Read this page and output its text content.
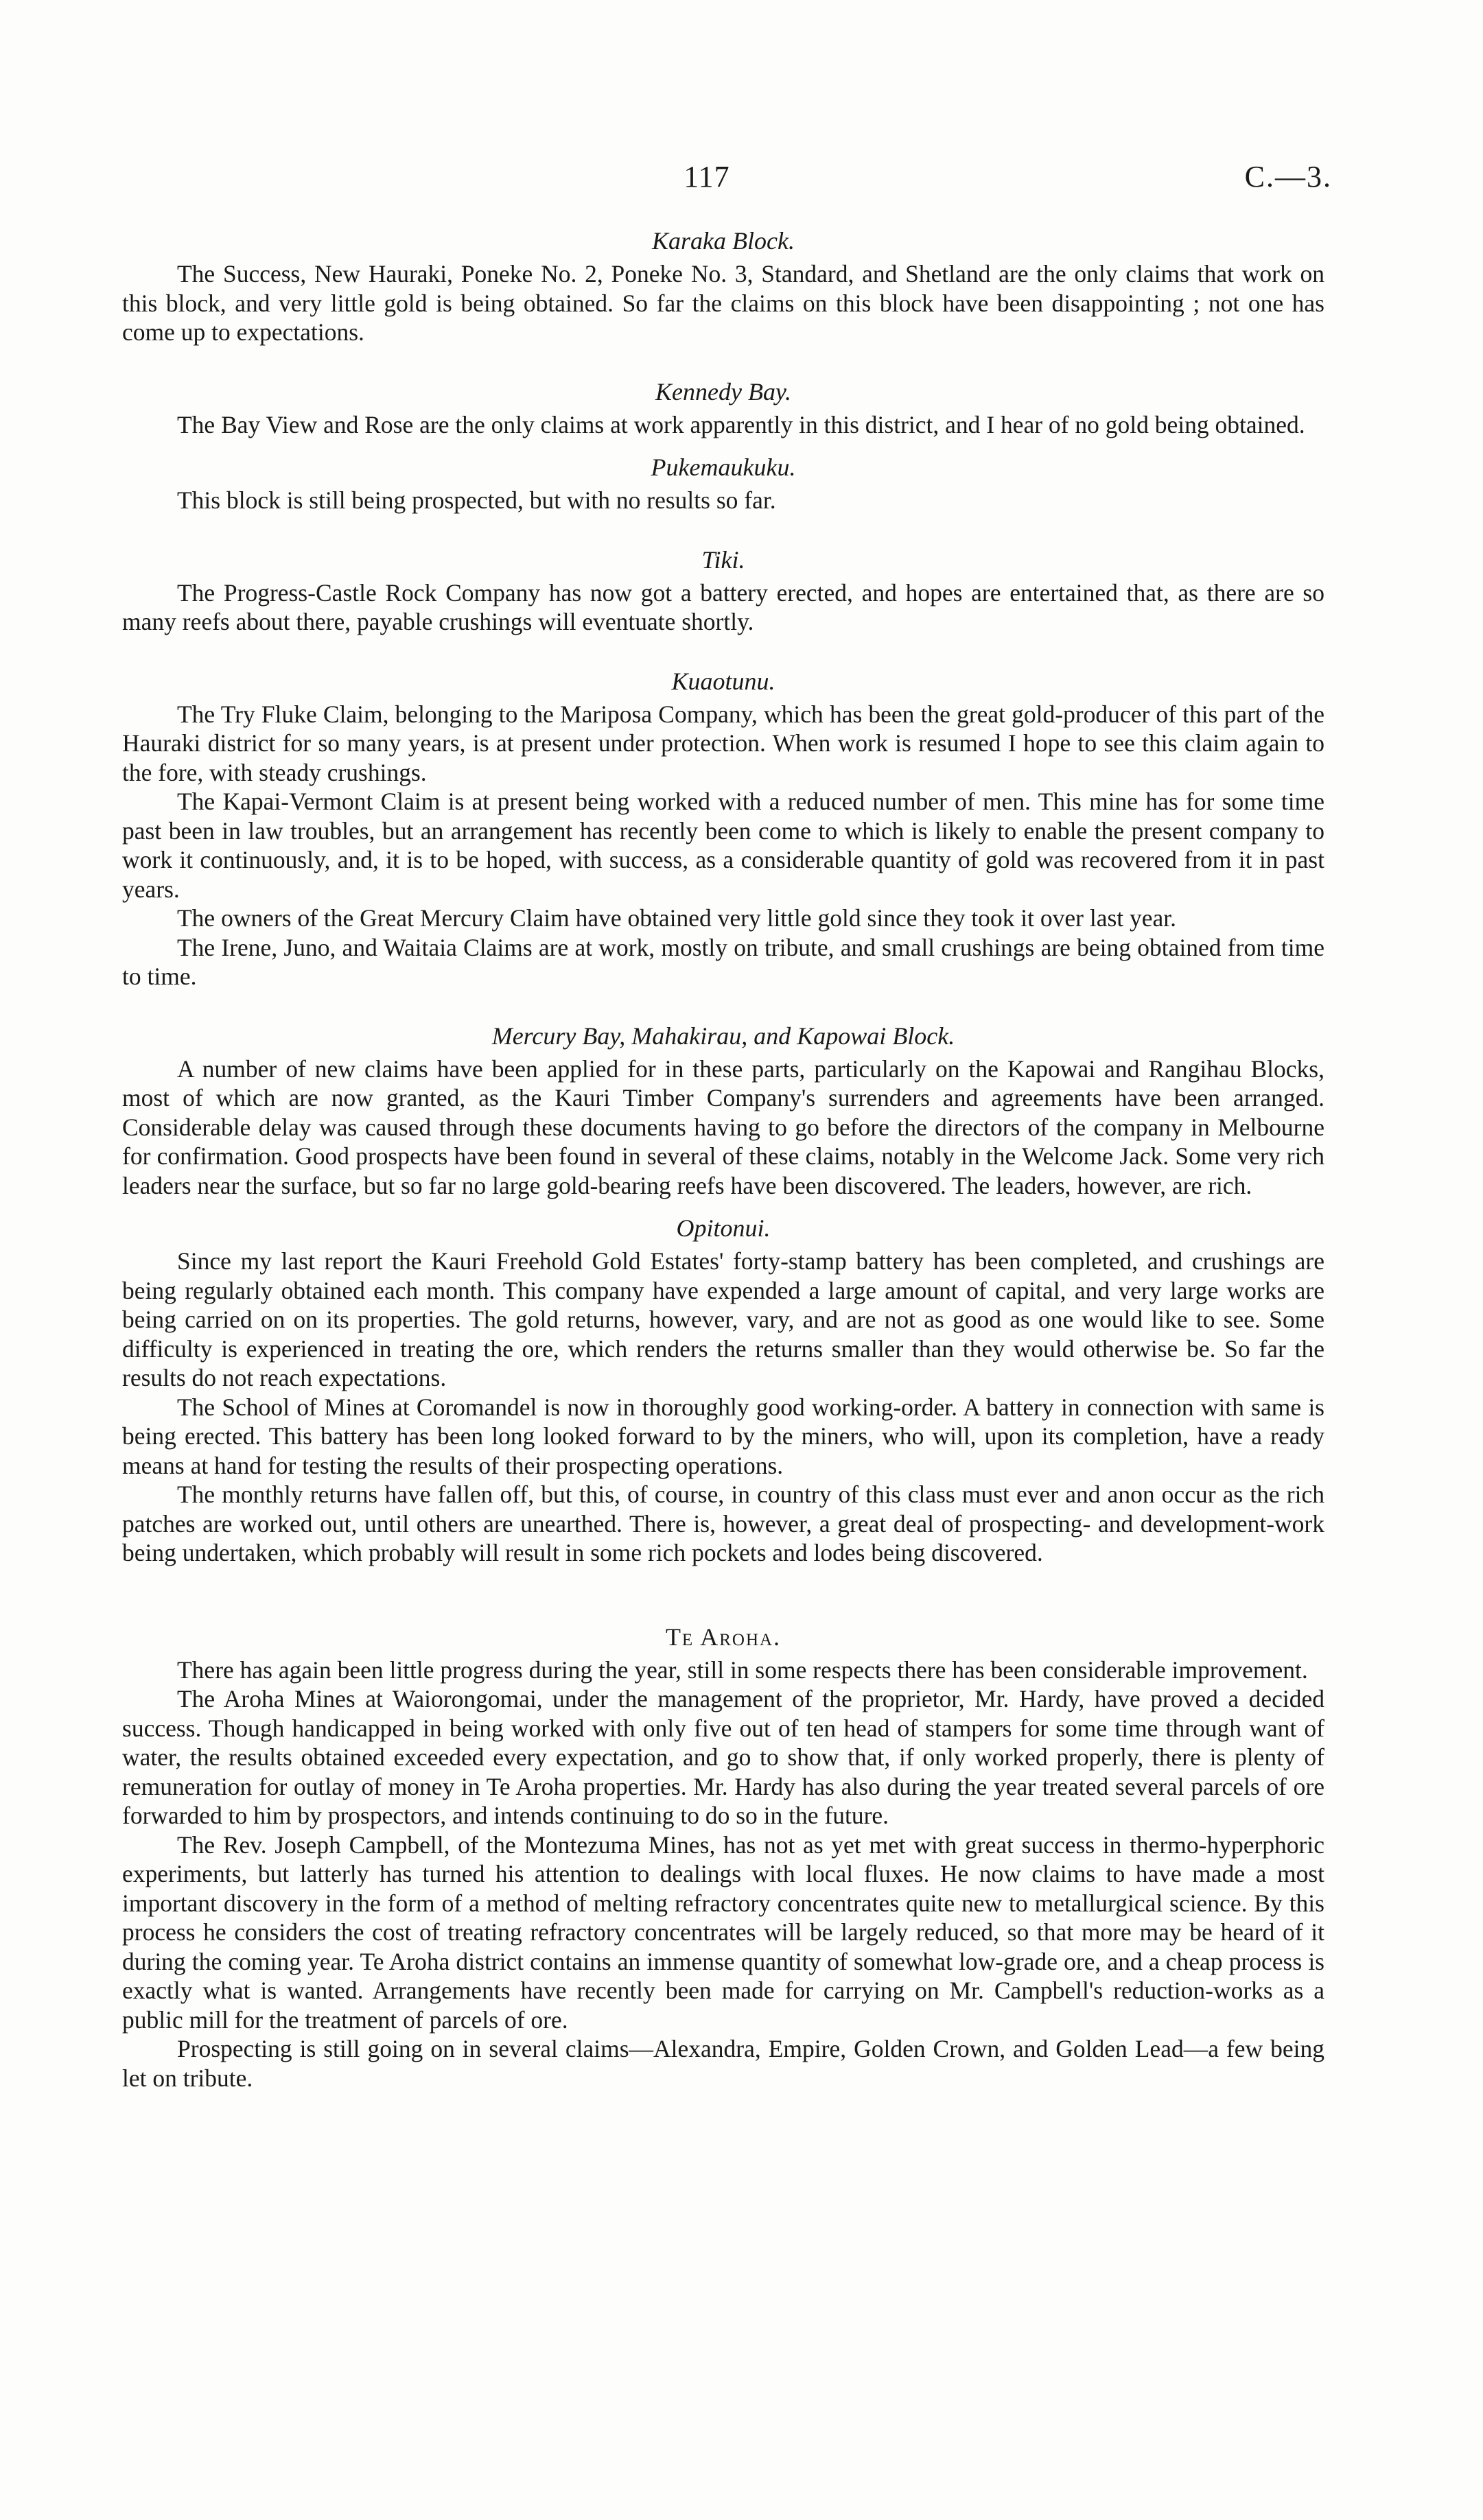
117	C.—3.
Karaka Block.

The Success, New Hauraki, Poneke No. 2, Poneke No. 3, Standard, and Shetland are the only claims that work on this block, and very little gold is being obtained. So far the claims on this block have been disappointing ; not one has come up to expectations.

Kennedy Bay.

The Bay View and Rose are the only claims at work apparently in this district, and I hear of no gold being obtained.

Pukemaukuku.

This block is still being prospected, but with no results so far.

Tiki.

The Progress-Castle Rock Company has now got a battery erected, and hopes are entertained that, as there are so many reefs about there, payable crushings will eventuate shortly.

Kuaotunu.

The Try Fluke Claim, belonging to the Mariposa Company, which has been the great gold-producer of this part of the Hauraki district for so many years, is at present under protection. When work is resumed I hope to see this claim again to the fore, with steady crushings.

The Kapai-Vermont Claim is at present being worked with a reduced number of men. This mine has for some time past been in law troubles, but an arrangement has recently been come to which is likely to enable the present company to work it continuously, and, it is to be hoped, with success, as a considerable quantity of gold was recovered from it in past years.

The owners of the Great Mercury Claim have obtained very little gold since they took it over last year.

The Irene, Juno, and Waitaia Claims are at work, mostly on tribute, and small crushings are being obtained from time to time.

Mercury Bay, Mahakirau, and Kapowai Block.

A number of new claims have been applied for in these parts, particularly on the Kapowai and Rangihau Blocks, most of which are now granted, as the Kauri Timber Company's surrenders and agreements have been arranged. Considerable delay was caused through these documents having to go before the directors of the company in Melbourne for confirmation. Good prospects have been found in several of these claims, notably in the Welcome Jack. Some very rich leaders near the surface, but so far no large gold-bearing reefs have been discovered. The leaders, however, are rich.

Opitonui.

Since my last report the Kauri Freehold Gold Estates' forty-stamp battery has been completed, and crushings are being regularly obtained each month. This company have expended a large amount of capital, and very large works are being carried on on its properties. The gold returns, however, vary, and are not as good as one would like to see. Some difficulty is experienced in treating the ore, which renders the returns smaller than they would otherwise be. So far the results do not reach expectations.

The School of Mines at Coromandel is now in thoroughly good working-order. A battery in connection with same is being erected. This battery has been long looked forward to by the miners, who will, upon its completion, have a ready means at hand for testing the results of their prospecting operations.

The monthly returns have fallen off, but this, of course, in country of this class must ever and anon occur as the rich patches are worked out, until others are unearthed. There is, however, a great deal of prospecting- and development-work being undertaken, which probably will result in some rich pockets and lodes being discovered.

Te Aroha.

There has again been little progress during the year, still in some respects there has been considerable improvement.

The Aroha Mines at Waiorongomai, under the management of the proprietor, Mr. Hardy, have proved a decided success. Though handicapped in being worked with only five out of ten head of stampers for some time through want of water, the results obtained exceeded every expectation, and go to show that, if only worked properly, there is plenty of remuneration for outlay of money in Te Aroha properties. Mr. Hardy has also during the year treated several parcels of ore forwarded to him by prospectors, and intends continuing to do so in the future.

The Rev. Joseph Campbell, of the Montezuma Mines, has not as yet met with great success in thermo-hyperphoric experiments, but latterly has turned his attention to dealings with local fluxes. He now claims to have made a most important discovery in the form of a method of melting refractory concentrates quite new to metallurgical science. By this process he considers the cost of treating refractory concentrates will be largely reduced, so that more may be heard of it during the coming year. Te Aroha district contains an immense quantity of somewhat low-grade ore, and a cheap process is exactly what is wanted. Arrangements have recently been made for carrying on Mr. Campbell's reduction-works as a public mill for the treatment of parcels of ore.

Prospecting is still going on in several claims—Alexandra, Empire, Golden Crown, and Golden Lead—a few being let on tribute.
